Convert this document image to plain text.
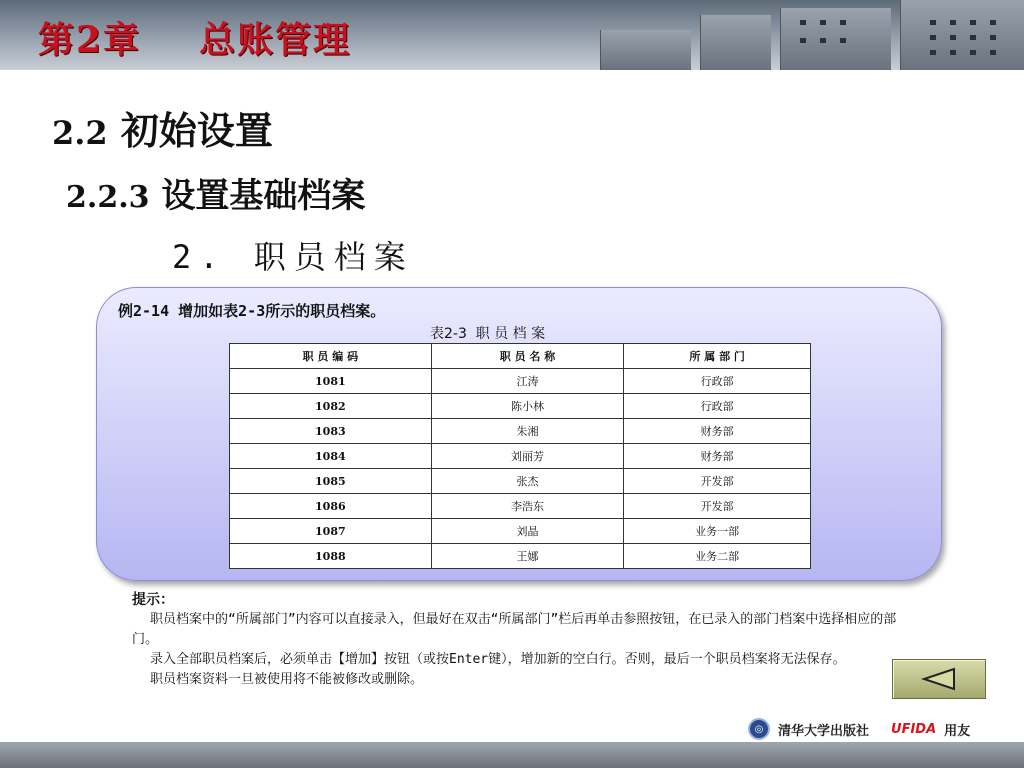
第2章    总账管理
2.2 初始设置
2.2.3 设置基础档案
2. 职员档案
例2-14 增加如表2-3所示的职员档案。
表2-3  职 员 档 案
职 员 编 码	职 员 名 称	所 属 部 门
1081	江涛	行政部
1082	陈小林	行政部
1083	朱湘	财务部
1084	刘丽芳	财务部
1085	张杰	开发部
1086	李浩东	开发部
1087	刘晶	业务一部
1088	王娜	业务二部
提示：

职员档案中的“所属部门”内容可以直接录入，但最好在双击“所属部门”栏后再单击参照按钮，在已录入的部门档案中选择相应的部门。

录入全部职员档案后，必须单击【增加】按钮（或按Enter键），增加新的空白行。否则，最后一个职员档案将无法保存。

职员档案资料一旦被使用将不能被修改或删除。

◎	清华大学出版社 UFIDA 用友
